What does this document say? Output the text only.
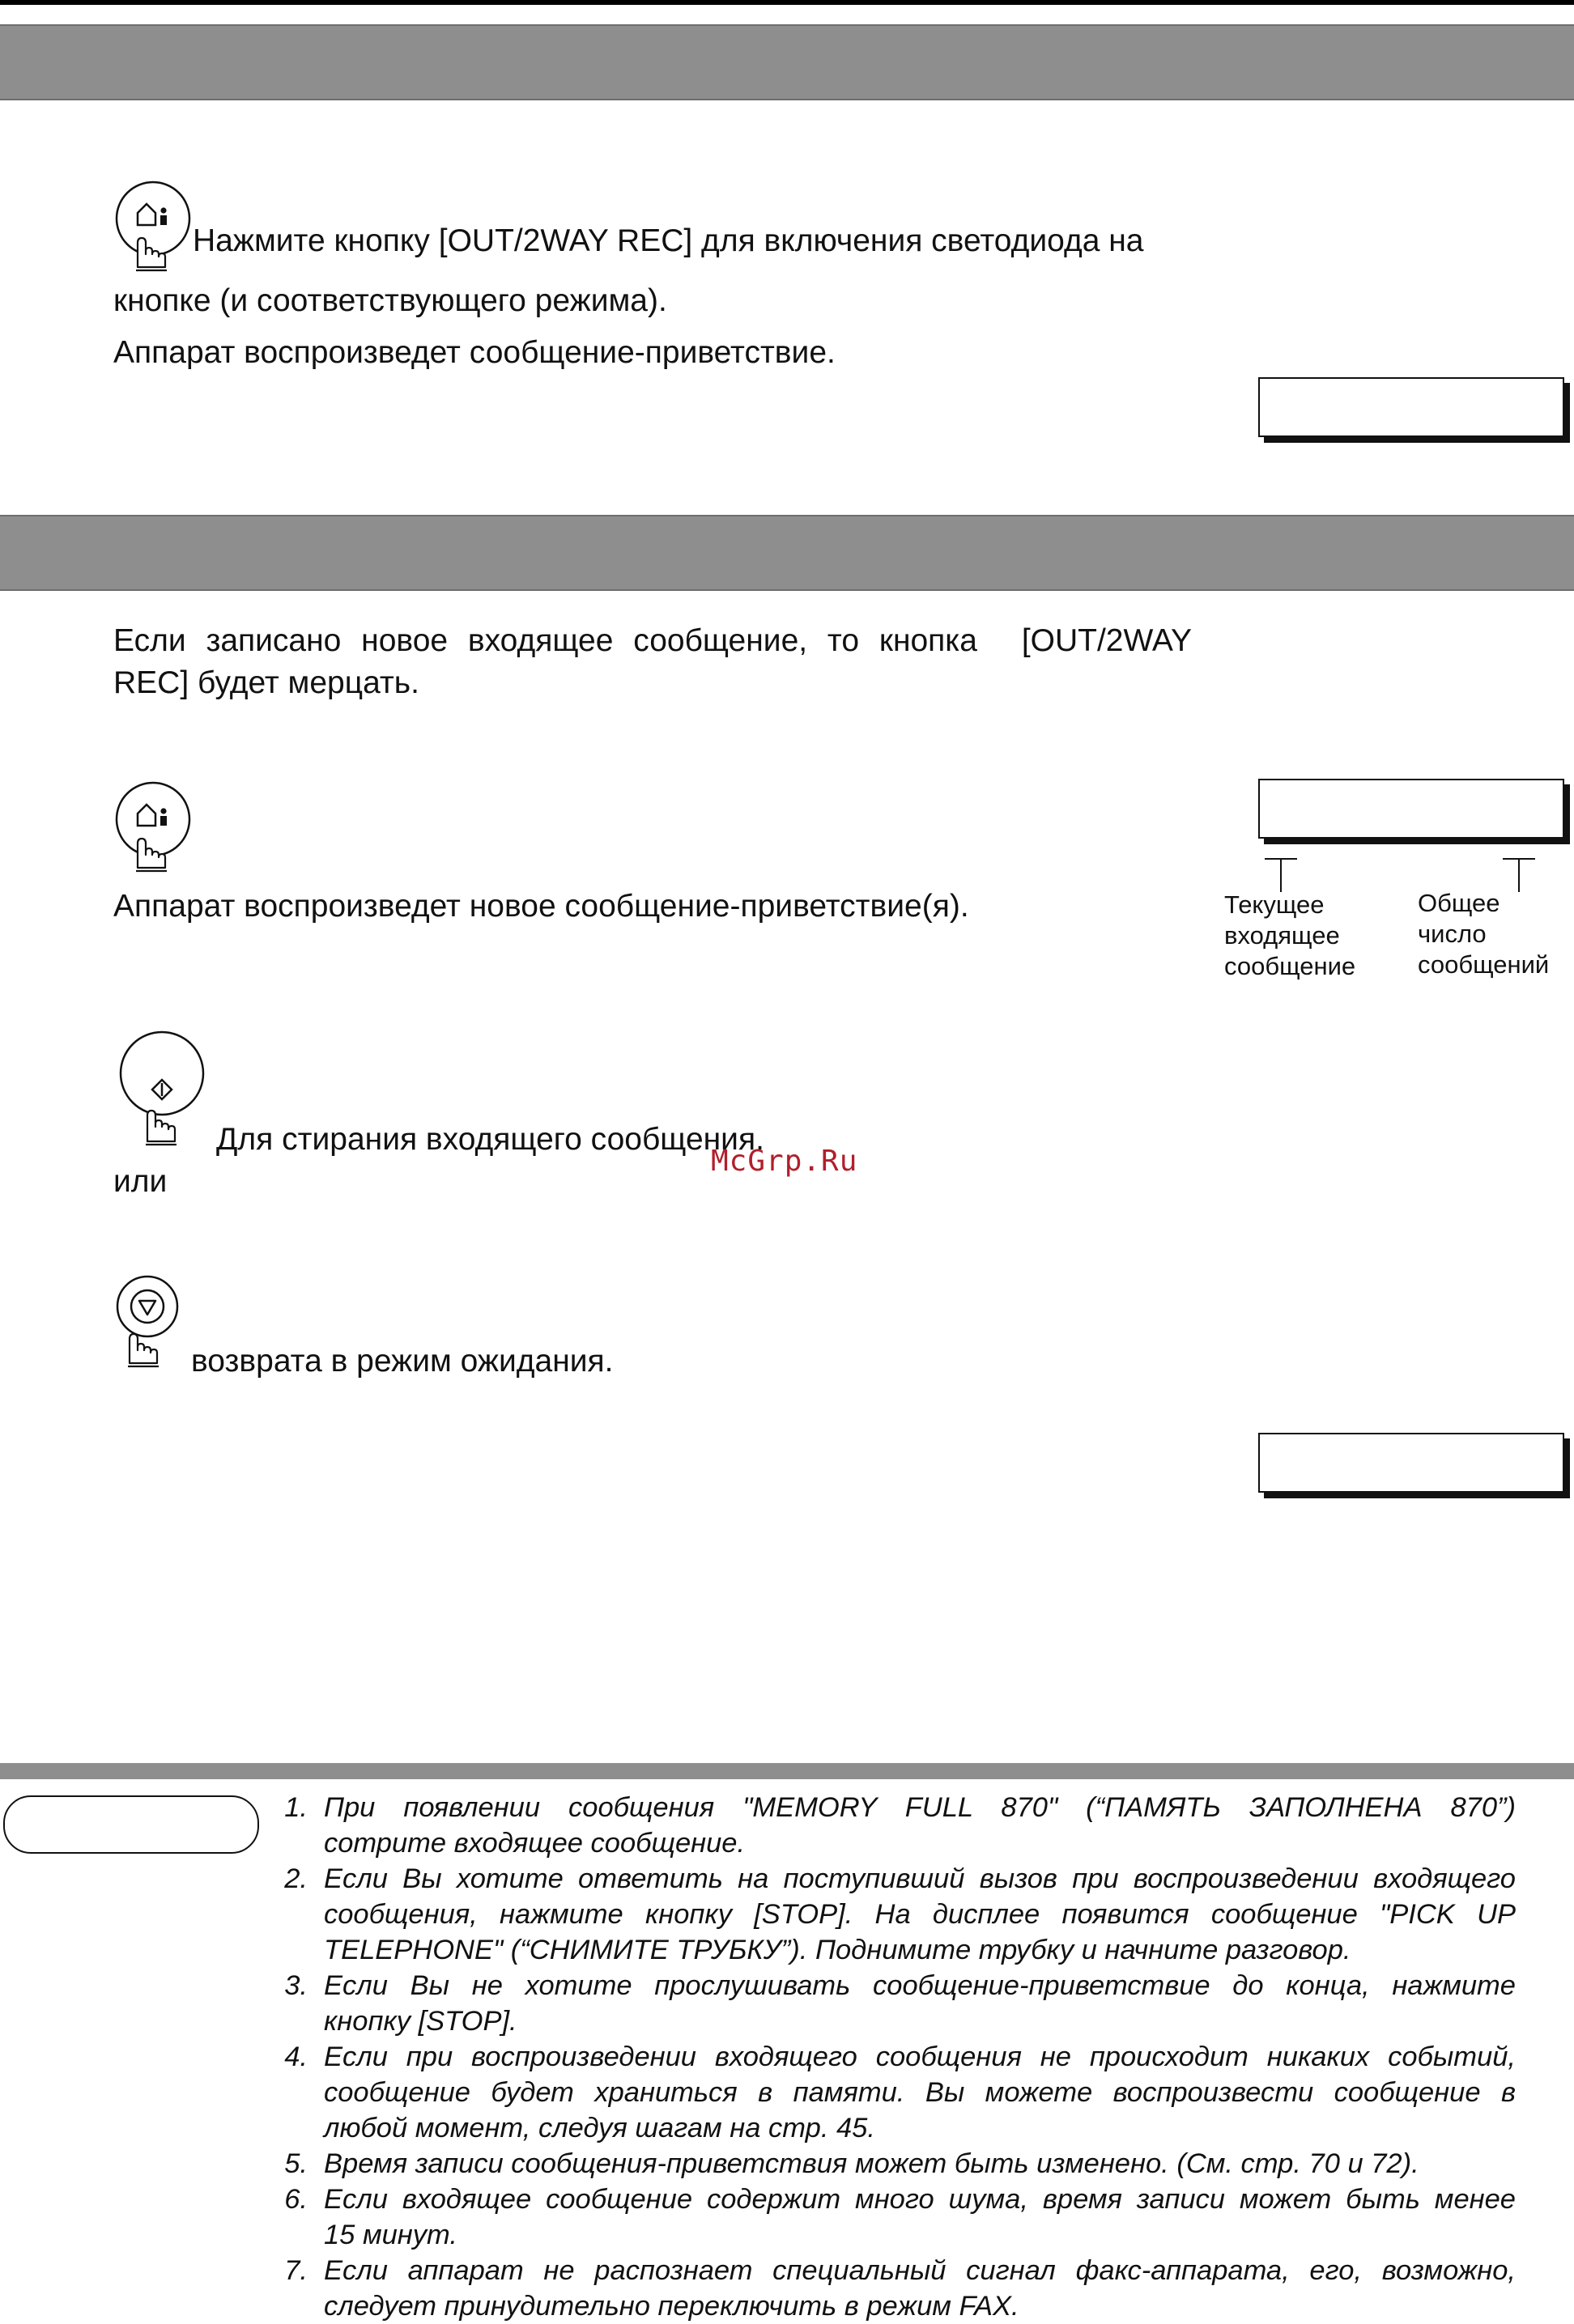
Нажмите кнопку [OUT/2WAY REC] для включения светодиода на
кнопке (и соответствующего режима).
Аппарат воспроизведет сообщение-приветствие.
Если записано новое входящее сообщение, то кнопка [OUT/2WAY
REC] будет мерцать.
Аппарат воспроизведет новое сообщение-приветствие(я).	Текущее
входящее
сообщение
Общее
число
сообщений
Для стирания входящего сообщения.
McGrp.Ru
или
возврата в режим ожидания.
1. При появлении сообщения "MEMORY FULL 870" (“ПАМЯТЬ ЗАПОЛНЕНА 870”)
сотрите входящее сообщение.
2. Если Вы хотите ответить на поступивший вызов при воспроизведении входящего
сообщения, нажмите кнопку [STOP]. На дисплее появится сообщение "PICK UP
TELEPHONE" (“СНИМИТЕ ТРУБКУ”). Поднимите трубку и начните разговор.
3. Если Вы не хотите прослушивать сообщение-приветствие до конца, нажмите
кнопку [STOP].
4. Если при воспроизведении входящего сообщения не происходит никаких событий,
сообщение будет храниться в памяти. Вы можете воспроизвести сообщение в
любой момент, следуя шагам на стр. 45.
5. Время записи сообщения-приветствия может быть изменено. (См. стр. 70 и 72).
6. Если входящее сообщение содержит много шума, время записи может быть менее
15 минут.
7. Если аппарат не распознает специальный сигнал факс-аппарата, его, возможно,
следует принудительно переключить в режим FAX.
